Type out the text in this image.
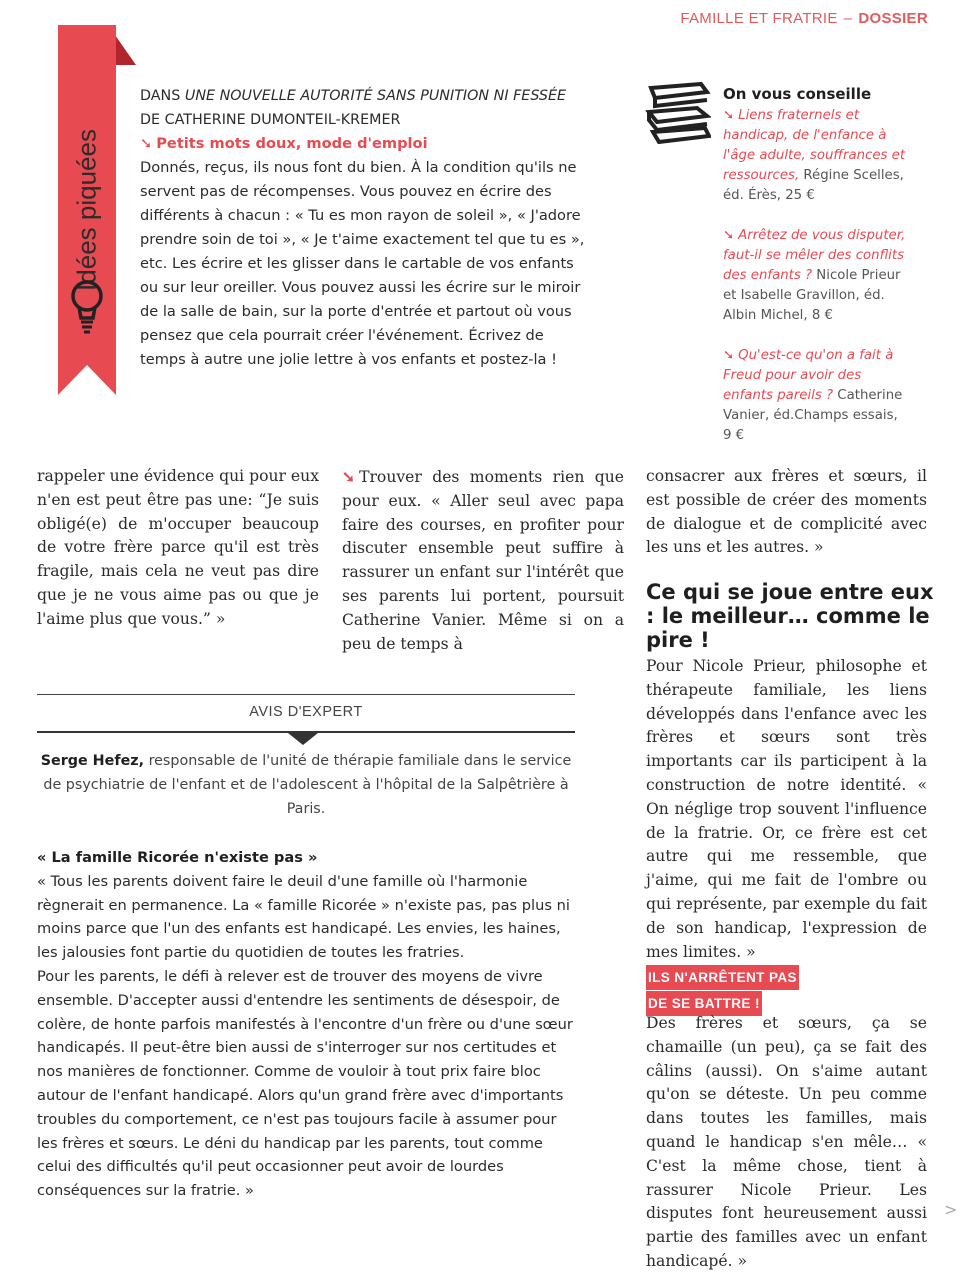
FAMILLE ET FRATRIE – DOSSIER
Idées piquées
DANS UNE NOUVELLE AUTORITÉ SANS PUNITION NI FESSÉE DE CATHERINE DUMONTEIL-KREMER
➘ Petits mots doux, mode d'emploi
Donnés, reçus, ils nous font du bien. À la condition qu'ils ne servent pas de récompenses. Vous pouvez en écrire des différents à chacun : « Tu es mon rayon de soleil », « J'adore prendre soin de toi », « Je t'aime exactement tel que tu es », etc. Les écrire et les glisser dans le cartable de vos enfants ou sur leur oreiller. Vous pouvez aussi les écrire sur le miroir de la salle de bain, sur la porte d'entrée et partout où vous pensez que cela pourrait créer l'événement. Écrivez de temps à autre une jolie lettre à vos enfants et postez-la !
On vous conseille

➘ Liens fraternels et handicap, de l'enfance à l'âge adulte, souffrances et ressources, Régine Scelles, éd. Érès, 25 €

➘ Arrêtez de vous disputer, faut-il se mêler des conflits des enfants ? Nicole Prieur et Isabelle Gravillon, éd. Albin Michel, 8 €

➘ Qu'est-ce qu'on a fait à Freud pour avoir des enfants pareils ? Catherine Vanier, éd.Champs essais, 9 €

rappeler une évidence qui pour eux n'en est peut être pas une: “Je suis obligé(e) de m'occuper beaucoup de votre frère parce qu'il est très fragile, mais cela ne veut pas dire que je ne vous aime pas ou que je l'aime plus que vous.” »
➘ Trouver des moments rien que pour eux. « Aller seul avec papa faire des courses, en profiter pour discuter ensemble peut suffire à rassurer un enfant sur l'intérêt que ses parents lui portent, poursuit Catherine Vanier. Même si on a peu de temps à
consacrer aux frères et sœurs, il est possible de créer des moments de dialogue et de complicité avec les uns et les autres. »
Ce qui se joue entre eux : le meilleur… comme le pire !
Pour Nicole Prieur, philosophe et thérapeute familiale, les liens développés dans l'enfance avec les frères et sœurs sont très importants car ils participent à la construction de notre identité. « On néglige trop souvent l'influence de la fratrie. Or, ce frère est cet autre qui me ressemble, que j'aime, qui me fait de l'ombre ou qui représente, par exemple du fait de son handicap, l'expression de mes limites. »
ILS N'ARRÊTENT PAS
DE SE BATTRE !
Des frères et sœurs, ça se chamaille (un peu), ça se fait des câlins (aussi). On s'aime autant qu'on se déteste. Un peu comme dans toutes les familles, mais quand le handicap s'en mêle… « C'est la même chose, tient à rassurer Nicole Prieur. Les disputes font heureusement aussi partie des familles avec un enfant handicapé. »
AVIS D'EXPERT
Serge Hefez, responsable de l'unité de thérapie familiale dans le service de psychiatrie de l'enfant et de l'adolescent à l'hôpital de la Salpêtrière à Paris.
« La famille Ricorée n'existe pas »
« Tous les parents doivent faire le deuil d'une famille où l'harmonie règnerait en permanence. La « famille Ricorée » n'existe pas, pas plus ni moins parce que l'un des enfants est handicapé. Les envies, les haines, les jalousies font partie du quotidien de toutes les fratries.
Pour les parents, le défi à relever est de trouver des moyens de vivre ensemble. D'accepter aussi d'entendre les sentiments de désespoir, de colère, de honte parfois manifestés à l'encontre d'un frère ou d'une sœur handicapés. Il peut-être bien aussi de s'interroger sur nos certitudes et nos manières de fonctionner. Comme de vouloir à tout prix faire bloc autour de l'enfant handicapé. Alors qu'un grand frère avec d'importants troubles du comportement, ce n'est pas toujours facile à assumer pour les frères et sœurs. Le déni du handicap par les parents, tout comme celui des difficultés qu'il peut occasionner peut avoir de lourdes conséquences sur la fratrie. »
>
